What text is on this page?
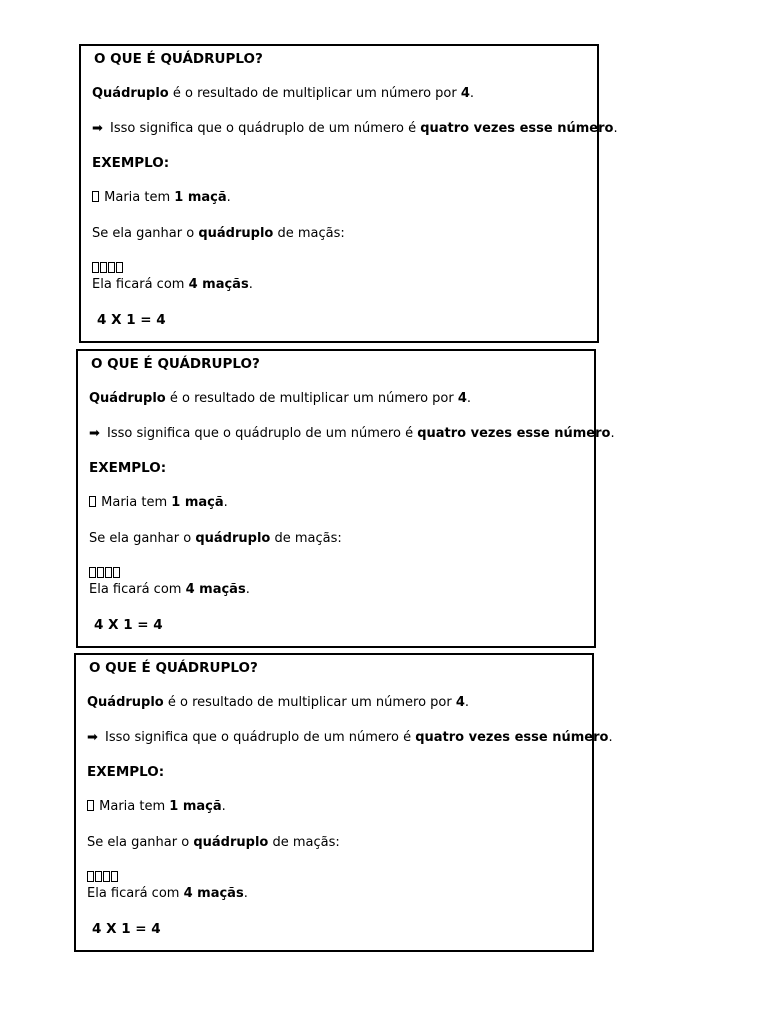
O QUE É QUÁDRUPLO?
Quádruplo é o resultado de multiplicar um número por 4.
➡ Isso significa que o quádruplo de um número é quatro vezes esse número.
EXEMPLO:
Maria tem 1 maçã.
Se ela ganhar o quádruplo de maçãs:
Ela ficará com 4 maçãs.
4 X 1 = 4
O QUE É QUÁDRUPLO?
Quádruplo é o resultado de multiplicar um número por 4.
➡ Isso significa que o quádruplo de um número é quatro vezes esse número.
EXEMPLO:
Maria tem 1 maçã.
Se ela ganhar o quádruplo de maçãs:
Ela ficará com 4 maçãs.
4 X 1 = 4
O QUE É QUÁDRUPLO?
Quádruplo é o resultado de multiplicar um número por 4.
➡ Isso significa que o quádruplo de um número é quatro vezes esse número.
EXEMPLO:
Maria tem 1 maçã.
Se ela ganhar o quádruplo de maçãs:
Ela ficará com 4 maçãs.
4 X 1 = 4
